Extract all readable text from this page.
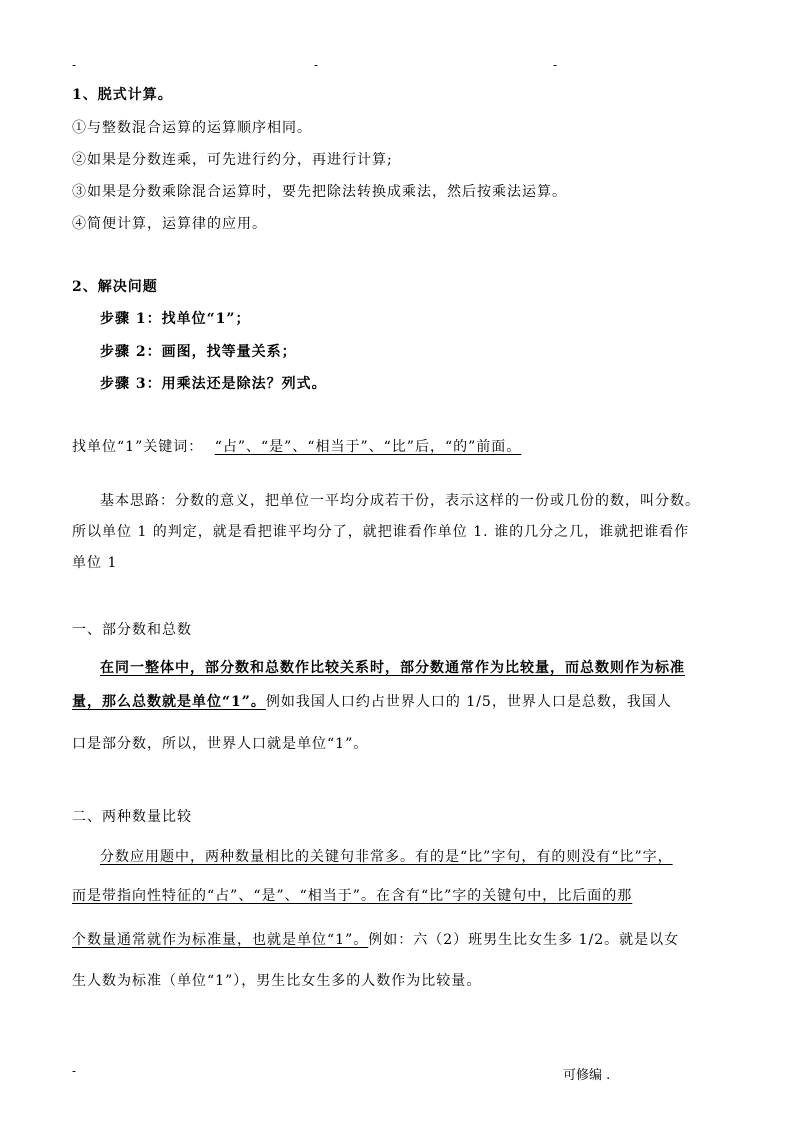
-	-	-
1、脱式计算。
①与整数混合运算的运算顺序相同。
②如果是分数连乘，可先进行约分，再进行计算;
③如果是分数乘除混合运算时，要先把除法转换成乘法，然后按乘法运算。
④简便计算，运算律的应用。
2、解决问题
步骤 1：找单位“1”；
步骤 2：画图，找等量关系；
步骤 3：用乘法还是除法？列式。
找单位“1”关键词： “占”、“是”、“相当于”、“比”后，“的”前面。
基本思路：分数的意义，把单位一平均分成若干份，表示这样的一份或几份的数，叫分数。
所以单位 1 的判定，就是看把谁平均分了，就把谁看作单位 1. 谁的几分之几，谁就把谁看作
单位 1
一、部分数和总数
在同一整体中，部分数和总数作比较关系时，部分数通常作为比较量，而总数则作为标准
量，那么总数就是单位“1”。例如我国人口约占世界人口的 1/5，世界人口是总数，我国人
口是部分数，所以，世界人口就是单位“1”。
二、两种数量比较
分数应用题中，两种数量相比的关键句非常多。有的是“比”字句，有的则没有“比”字，
而是带指向性特征的“占”、“是”、“相当于”。在含有“比”字的关键句中，比后面的那
个数量通常就作为标准量，也就是单位“1”。例如：六（2）班男生比女生多 1/2。就是以女
生人数为标准（单位“1”），男生比女生多的人数作为比较量。
-	可修编 .
